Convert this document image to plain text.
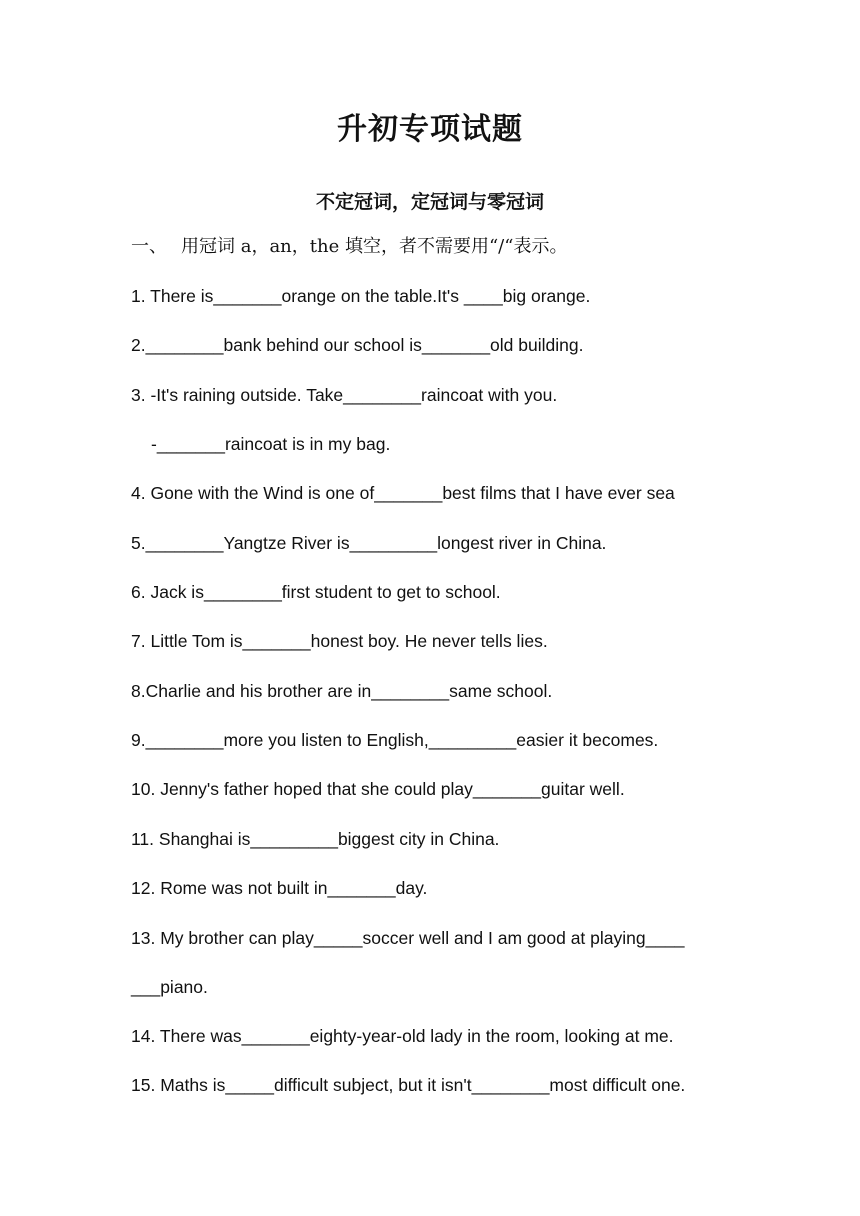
升初专项试题
不定冠词，定冠词与零冠词
一、 用冠词 a，an，the 填空，者不需要用“/“表示。
1. There is_______orange on the table.It's ____big orange.
2.________bank behind our school is_______old building.
3. -It's raining outside. Take________raincoat with you.
-_______raincoat is in my bag.
4. Gone with the Wind is one of_______best films that I have ever sea
5.________Yangtze River is_________longest river in China.
6. Jack is________first student to get to school.
7. Little Tom is_______honest boy. He never tells lies.
8.Charlie and his brother are in________same school.
9.________more you listen to English,_________easier it becomes.
10. Jenny's father hoped that she could play_______guitar well.
11. Shanghai is_________biggest city in China.
12. Rome was not built in_______day.
13. My brother can play_____soccer well and I am good at playing____
___piano.
14. There was_______eighty-year-old lady in the room, looking at me.
15. Maths is_____difficult subject, but it isn't________most difficult one.
